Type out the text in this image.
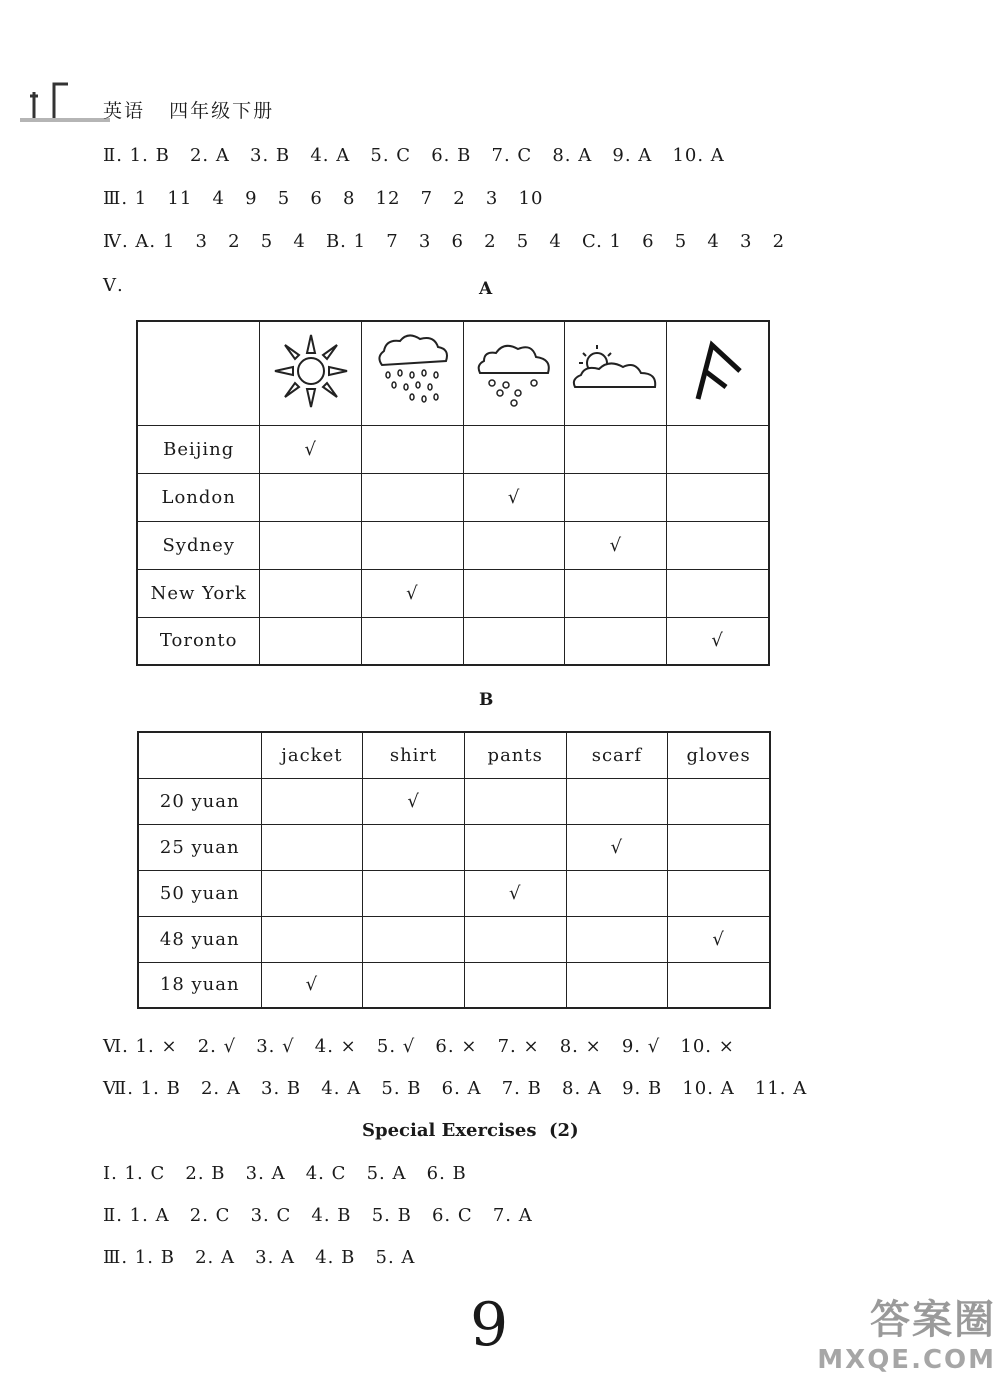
英语   四年级下册
Ⅱ. 1. B   2. A   3. B   4. A   5. C   6. B   7. C   8. A   9. A   10. A
Ⅲ. 1   11   4   9   5   6   8   12   7   2   3   10
Ⅳ. A. 1   3   2   5   4   B. 1   7   3   6   2   5   4   C. 1   6   5   4   3   2
Ⅴ.	A

Beijing	√				
London			√		
Sydney				√	
New York		√			
Toronto					√
B
	jacket	shirt	pants	scarf	gloves
20 yuan		√			
25 yuan				√	
50 yuan			√		
48 yuan					√
18 yuan	√				
Ⅵ. 1. ×   2. √   3. √   4. ×   5. √   6. ×   7. ×   8. ×   9. √   10. ×
Ⅶ. 1. B   2. A   3. B   4. A   5. B   6. A   7. B   8. A   9. B   10. A   11. A
Special Exercises  (2)
Ⅰ. 1. C   2. B   3. A   4. C   5. A   6. B
Ⅱ. 1. A   2. C   3. C   4. B   5. B   6. C   7. A
Ⅲ. 1. B   2. A   3. A   4. B   5. A
9	答案圈
MXQE.COM
